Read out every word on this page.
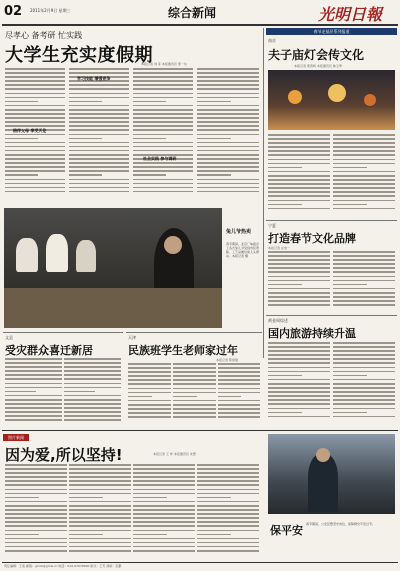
02 2011年2月9日 星期三	综合新闻	光明日報
尽孝心 备考研 忙实践
大学生充实度假期
本报记者 刘 菲 本报通讯员 邢一尔
陪伴父母 享受天伦
学习技能 增强竞争
社会实践 参与调研
春节走基层系列报道
南京
夫子庙灯会传文化
本报记者 郑晋鸣 本报通讯员 韩玉琴
兔儿爷热卖
春节期间，北京厂甸庙会上各式兔儿爷受到市民青睐，工艺品摊位前人头攒动。本报记者 摄
宁夏
打造春节文化品牌
本报记者 庄电一
黄金周综述
国内旅游持续升温
文县
受灾群众喜迁新居
天津
民族班学生老师家过年
本报记者 陈建强
图片新闻
因为爱,所以坚持!	本报记者 王 炸 本报通讯员 朱慧
保平安 春节期间，公安民警坚守岗位，保障群众平安过节。
责任编辑：王南 邮箱：gmrb@gmw.cn 电话：010-67078000 版式：王芳 排版：张鹏
